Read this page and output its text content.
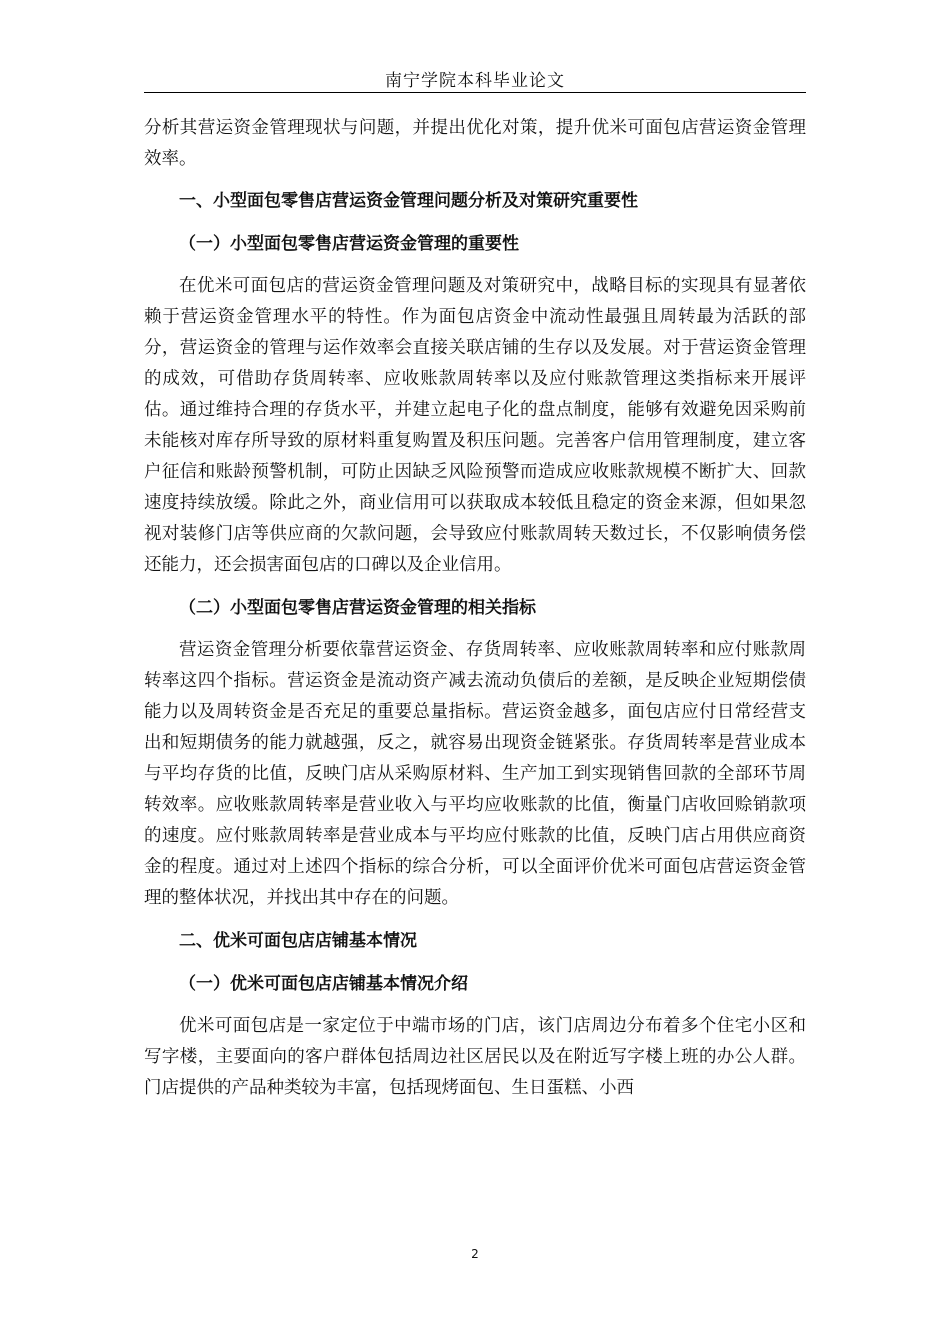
南宁学院本科毕业论文

分析其营运资金管理现状与问题，并提出优化对策，提升优米可面包店营运资金管理效率。

一、小型面包零售店营运资金管理问题分析及对策研究重要性

（一）小型面包零售店营运资金管理的重要性

在优米可面包店的营运资金管理问题及对策研究中，战略目标的实现具有显著依赖于营运资金管理水平的特性。作为面包店资金中流动性最强且周转最为活跃的部分，营运资金的管理与运作效率会直接关联店铺的生存以及发展。对于营运资金管理的成效，可借助存货周转率、应收账款周转率以及应付账款管理这类指标来开展评估。通过维持合理的存货水平，并建立起电子化的盘点制度，能够有效避免因采购前未能核对库存所导致的原材料重复购置及积压问题。完善客户信用管理制度，建立客户征信和账龄预警机制，可防止因缺乏风险预警而造成应收账款规模不断扩大、回款速度持续放缓。除此之外，商业信用可以获取成本较低且稳定的资金来源，但如果忽视对装修门店等供应商的欠款问题，会导致应付账款周转天数过长，不仅影响债务偿还能力，还会损害面包店的口碑以及企业信用。

（二）小型面包零售店营运资金管理的相关指标

营运资金管理分析要依靠营运资金、存货周转率、应收账款周转率和应付账款周转率这四个指标。营运资金是流动资产减去流动负债后的差额，是反映企业短期偿债能力以及周转资金是否充足的重要总量指标。营运资金越多，面包店应付日常经营支出和短期债务的能力就越强，反之，就容易出现资金链紧张。存货周转率是营业成本与平均存货的比值，反映门店从采购原材料、生产加工到实现销售回款的全部环节周转效率。应收账款周转率是营业收入与平均应收账款的比值，衡量门店收回赊销款项的速度。应付账款周转率是营业成本与平均应付账款的比值，反映门店占用供应商资金的程度。通过对上述四个指标的综合分析，可以全面评价优米可面包店营运资金管理的整体状况，并找出其中存在的问题。

二、优米可面包店店铺基本情况

（一）优米可面包店店铺基本情况介绍

优米可面包店是一家定位于中端市场的门店，该门店周边分布着多个住宅小区和写字楼，主要面向的客户群体包括周边社区居民以及在附近写字楼上班的办公人群。门店提供的产品种类较为丰富，包括现烤面包、生日蛋糕、小西

2
